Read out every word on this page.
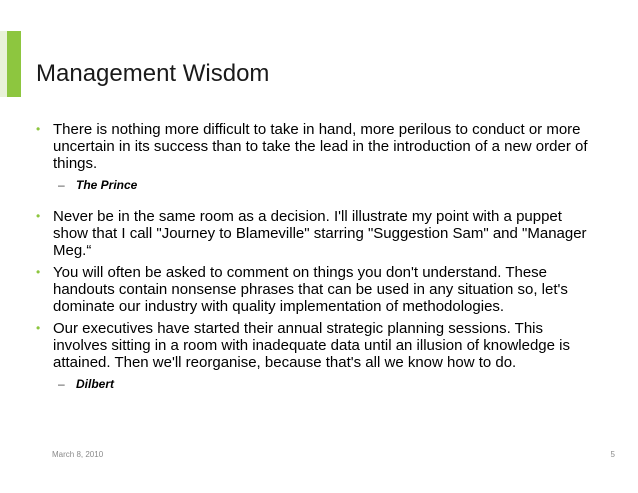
Management Wisdom
• There is nothing more difficult to take in hand, more perilous to conduct or more uncertain in its success than to take the lead in the introduction of a new order of things.
– The Prince
• Never be in the same room as a decision. I'll illustrate my point with a puppet show that I call "Journey to Blameville" starring "Suggestion Sam" and "Manager Meg.“
• You will often be asked to comment on things you don't understand. These handouts contain nonsense phrases that can be used in any situation so, let's dominate our industry with quality implementation of methodologies.
• Our executives have started their annual strategic planning sessions. This involves sitting in a room with inadequate data until an illusion of knowledge is attained. Then we'll reorganise, because that's all we know how to do.
– Dilbert
March 8, 2010	5
